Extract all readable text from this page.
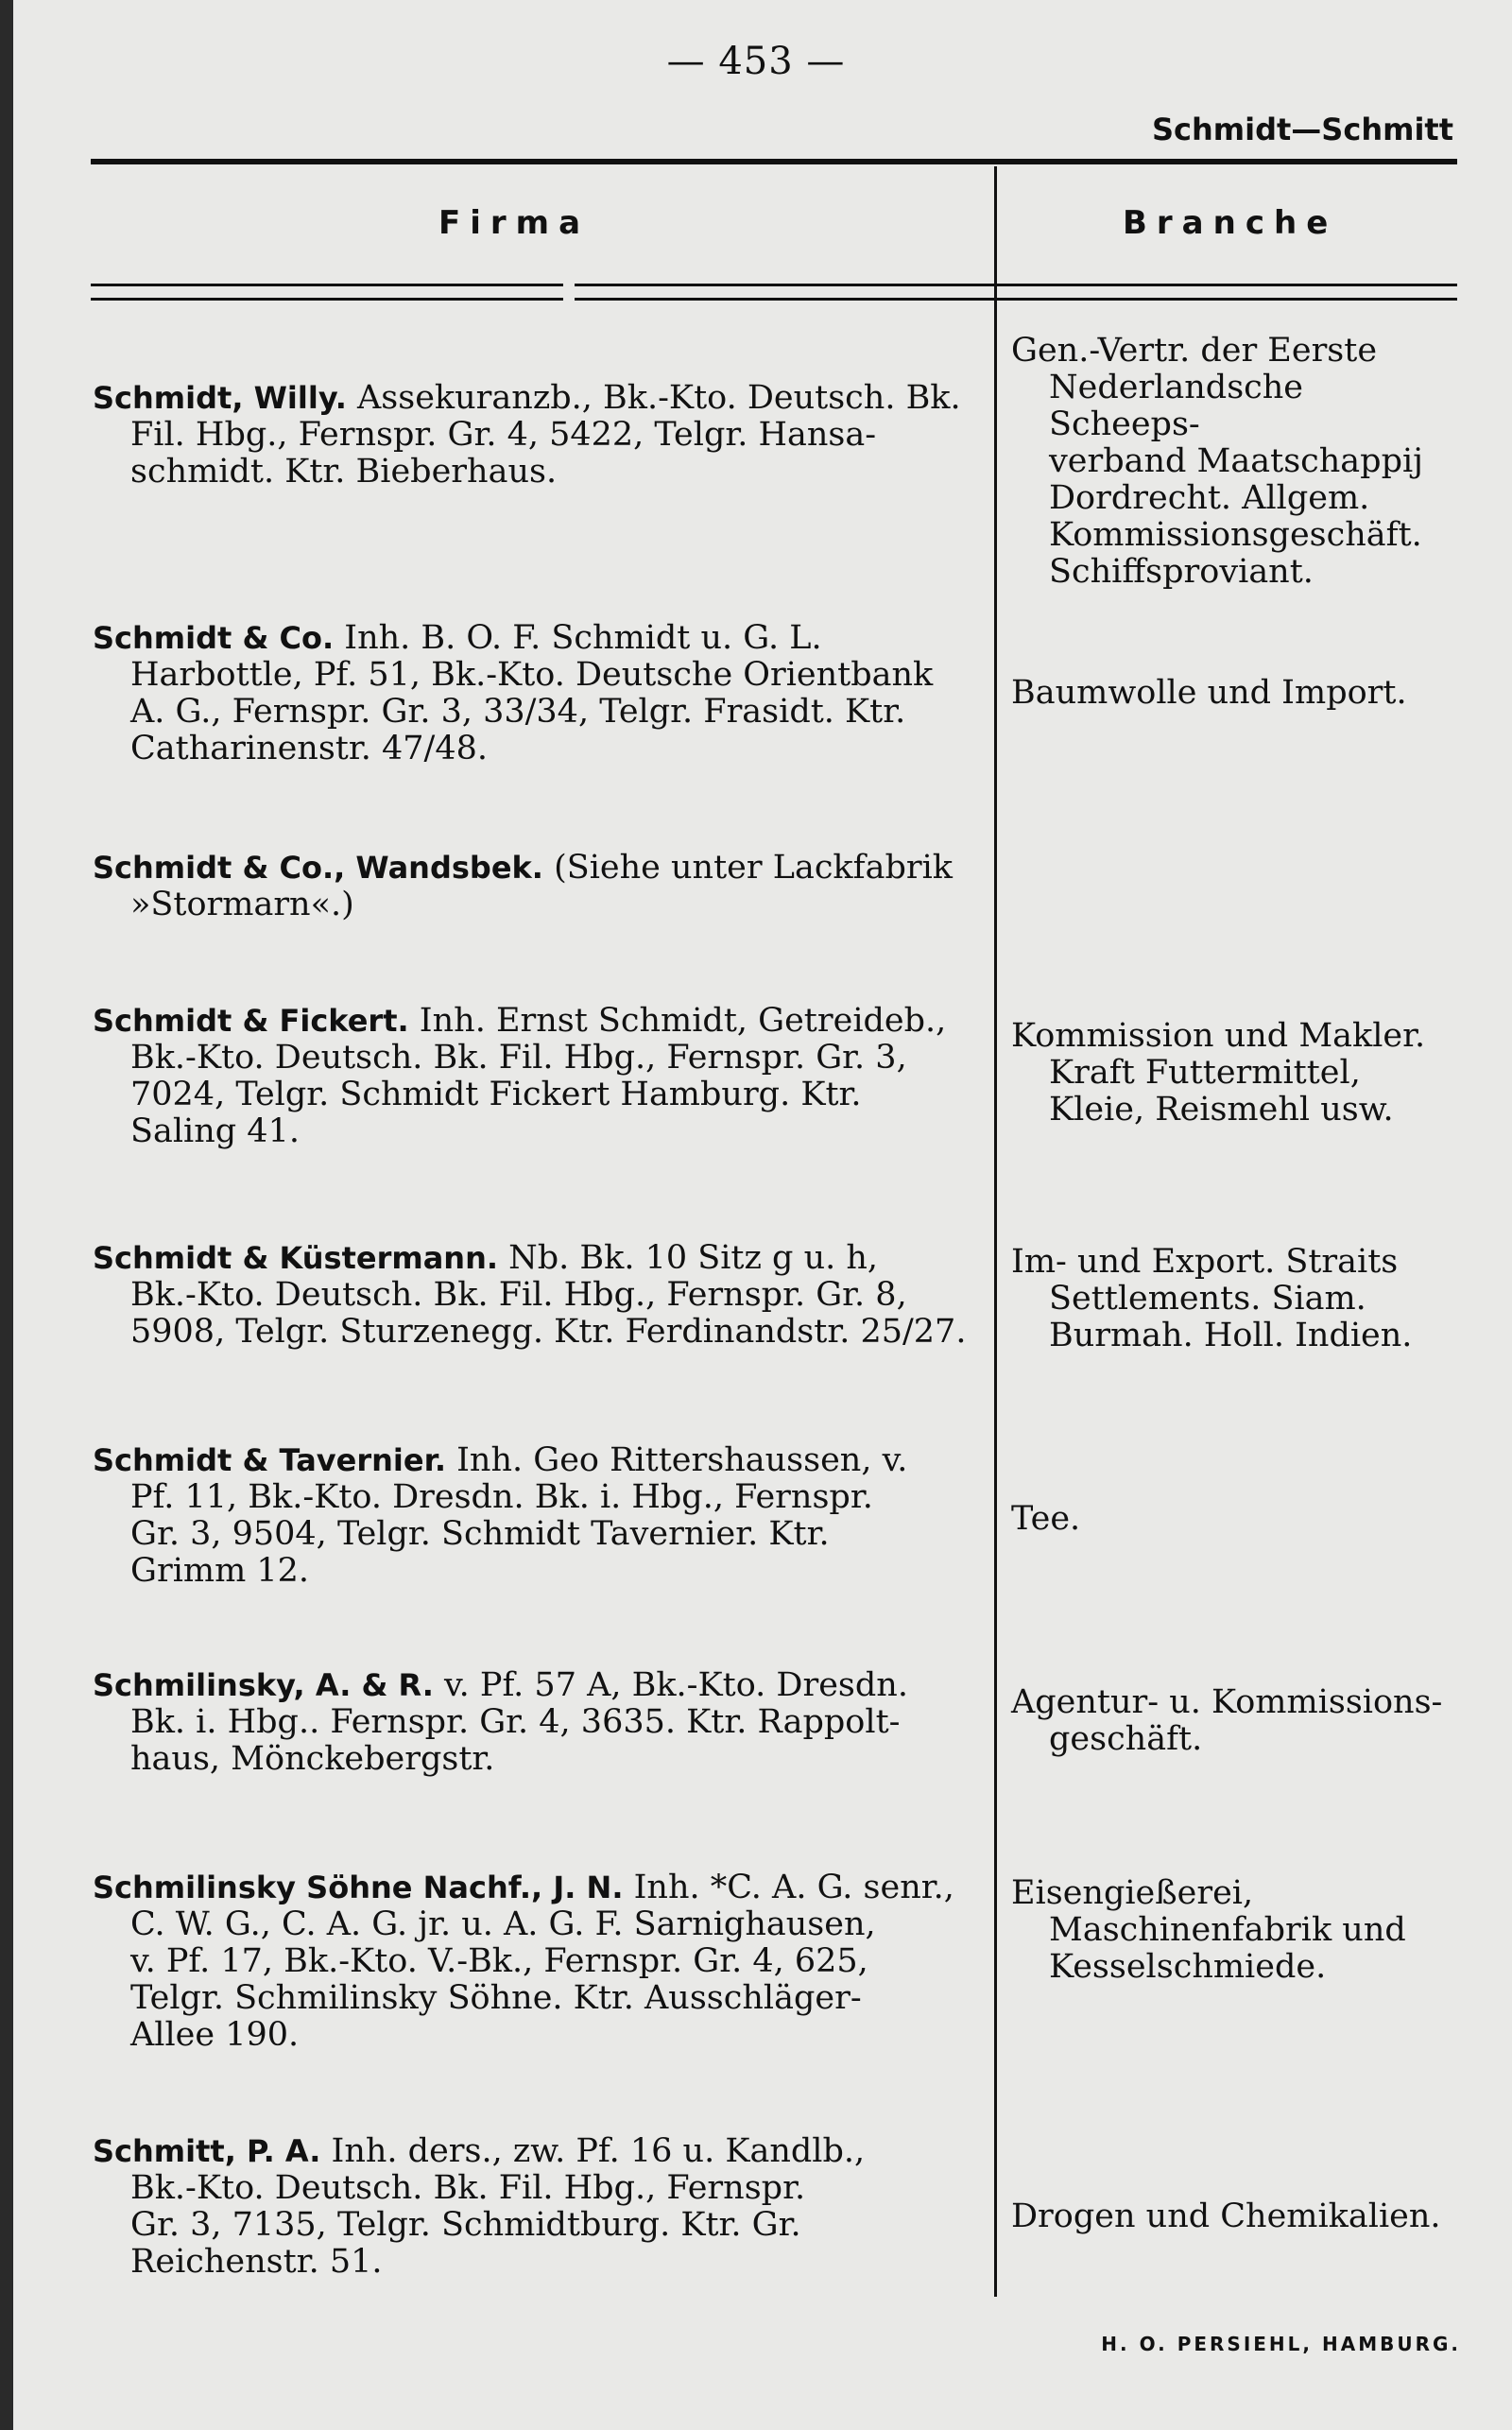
— 453 —
Schmidt—Schmitt
Firma	Branche
Schmidt, Willy. Assekuranzb., Bk.-Kto. Deutsch. Bk.
Fil. Hbg., Fernspr. Gr. 4, 5422, Telgr. Hansa-
schmidt. Ktr. Bieberhaus.
Gen.-Vertr. der Eerste
Nederlandsche Scheeps-
verband Maatschappij
Dordrecht. Allgem.
Kommissionsgeschäft.
Schiffsproviant.
Schmidt & Co. Inh. B. O. F. Schmidt u. G. L.
Harbottle, Pf. 51, Bk.-Kto. Deutsche Orientbank
A. G., Fernspr. Gr. 3, 33/34, Telgr. Frasidt. Ktr.
Catharinenstr. 47/48.
Baumwolle und Import.
Schmidt & Co., Wandsbek. (Siehe unter Lackfabrik
»Stormarn«.)
Schmidt & Fickert. Inh. Ernst Schmidt, Getreideb.,
Bk.-Kto. Deutsch. Bk. Fil. Hbg., Fernspr. Gr. 3,
7024, Telgr. Schmidt Fickert Hamburg. Ktr.
Saling 41.
Kommission und Makler.
Kraft Futtermittel,
Kleie, Reismehl usw.
Schmidt & Küstermann. Nb. Bk. 10 Sitz g u. h,
Bk.-Kto. Deutsch. Bk. Fil. Hbg., Fernspr. Gr. 8,
5908, Telgr. Sturzenegg. Ktr. Ferdinandstr. 25/27.
Im- und Export. Straits
Settlements. Siam.
Burmah. Holl. Indien.
Schmidt & Tavernier. Inh. Geo Rittershaussen, v.
Pf. 11, Bk.-Kto. Dresdn. Bk. i. Hbg., Fernspr.
Gr. 3, 9504, Telgr. Schmidt Tavernier. Ktr.
Grimm 12.
Tee.
Schmilinsky, A. & R. v. Pf. 57 A, Bk.-Kto. Dresdn.
Bk. i. Hbg.. Fernspr. Gr. 4, 3635. Ktr. Rappolt-
haus, Mönckebergstr.
Agentur- u. Kommissions-
geschäft.
Schmilinsky Söhne Nachf., J. N. Inh. *C. A. G. senr.,
C. W. G., C. A. G. jr. u. A. G. F. Sarnighausen,
v. Pf. 17, Bk.-Kto. V.-Bk., Fernspr. Gr. 4, 625,
Telgr. Schmilinsky Söhne. Ktr. Ausschläger-
Allee 190.
Eisengießerei,
Maschinenfabrik und
Kesselschmiede.
Schmitt, P. A. Inh. ders., zw. Pf. 16 u. Kandlb.,
Bk.-Kto. Deutsch. Bk. Fil. Hbg., Fernspr.
Gr. 3, 7135, Telgr. Schmidtburg. Ktr. Gr.
Reichenstr. 51.
Drogen und Chemikalien.
H. O. PERSIEHL, HAMBURG.
